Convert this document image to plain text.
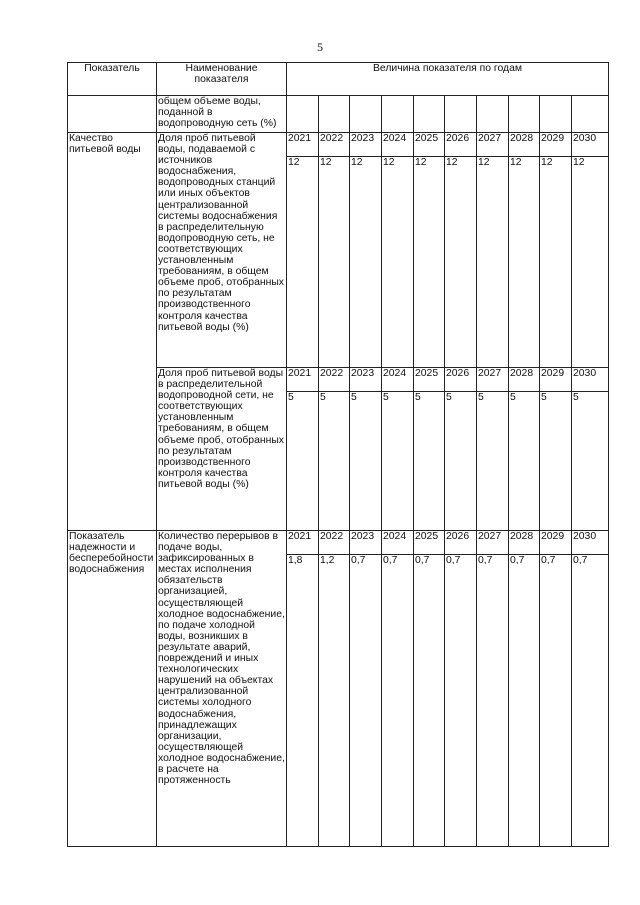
5
Показатель	Наименование показателя	Величина показателя по годам									
	общем объеме воды, поданной в водопроводную сеть (%)										
Качество питьевой воды	Доля проб питьевой воды, подаваемой с источников водоснабжения, водопроводных станций или иных объектов централизованной системы водоснабжения в распределительную водопроводную сеть, не соответствующих установленным требованиям, в общем объеме проб, отобранных по результатам производственного контроля качества питьевой воды (%)	2021	2022	2023	2024	2025	2026	2027	2028	2029	2030
		12	12	12	12	12	12	12	12	12	12
	Доля проб питьевой воды в распределительной водопроводной сети, не соответствующих установленным требованиям, в общем объеме проб, отобранных по результатам производственного контроля качества питьевой воды (%)	2021	2022	2023	2024	2025	2026	2027	2028	2029	2030
		5	5	5	5	5	5	5	5	5	5
Показатель надежности и бесперебойности водоснабжения	Количество перерывов в подаче воды, зафиксированных в местах исполнения обязательств организацией, осуществляющей холодное водоснабжение, по подаче холодной воды, возникших в результате аварий, повреждений и иных технологических нарушений на объектах централизованной системы холодного водоснабжения, принадлежащих организации, осуществляющей холодное водоснабжение, в расчете на протяженность	2021	2022	2023	2024	2025	2026	2027	2028	2029	2030
		1,8	1,2	0,7	0,7	0,7	0,7	0,7	0,7	0,7	0,7
